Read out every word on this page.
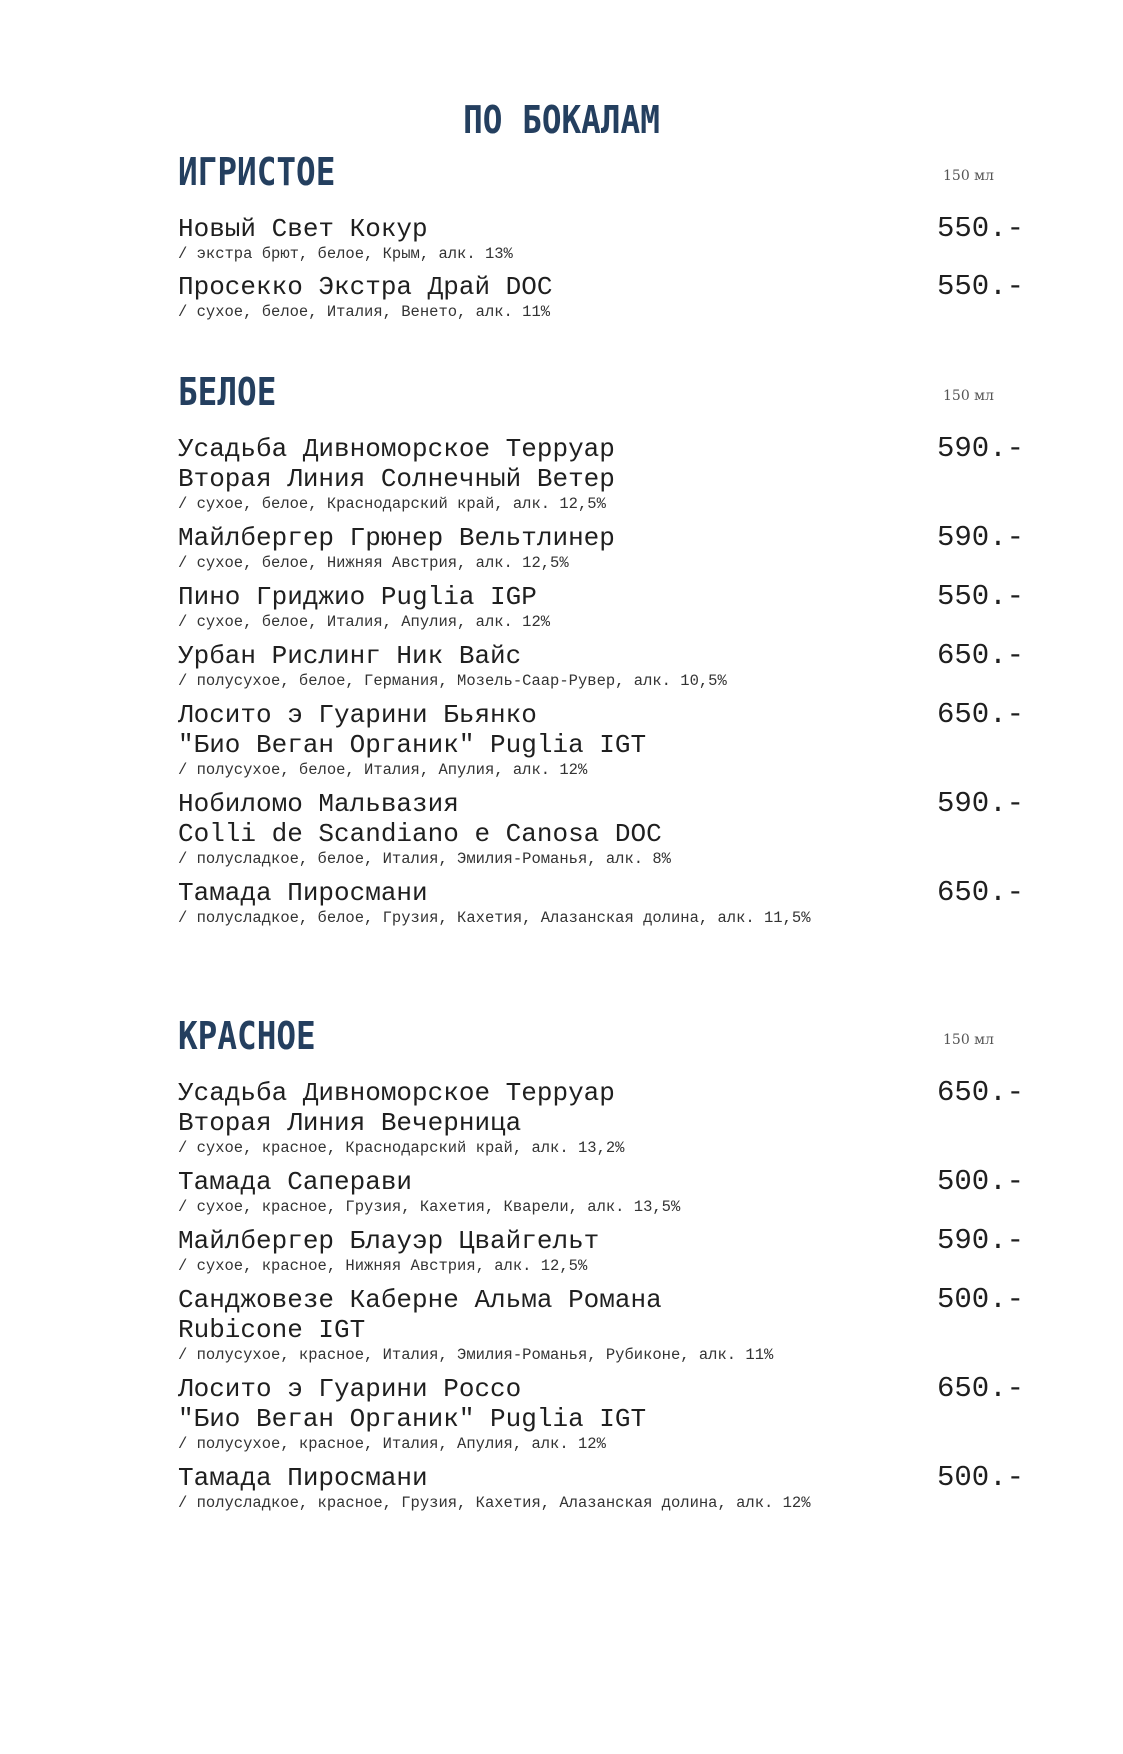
ПО БОКАЛАМ
ИГРИСТОЕ	150 мл
Новый Свет Кокур
/ экстра брют, белое, Крым, алк. 13%
550.-
Просекко Экстра Драй DOC
/ сухое, белое, Италия, Венето, алк. 11%
550.-
БЕЛОЕ	150 мл
Усадьба Дивноморское Терруар
Вторая Линия Солнечный Ветер
/ сухое, белое, Краснодарский край, алк. 12,5%
590.-
Майлбергер Грюнер Вельтлинер
/ сухое, белое, Нижняя Австрия, алк. 12,5%
590.-
Пино Гриджио Puglia IGP
/ сухое, белое, Италия, Апулия, алк. 12%
550.-
Урбан Рислинг Ник Вайс
/ полусухое, белое, Германия, Мозель-Саар-Рувер, алк. 10,5%
650.-
Лосито э Гуарини Бьянко
"Био Веган Органик" Puglia IGT
/ полусухое, белое, Италия, Апулия, алк. 12%
650.-
Нобиломо Мальвазия
Colli de Scandiano e Canosa DOC
/ полусладкое, белое, Италия, Эмилия-Романья, алк. 8%
590.-
Тамада Пиросмани
/ полусладкое, белое, Грузия, Кахетия, Алазанская долина, алк. 11,5%
650.-
КРАСНОЕ	150 мл
Усадьба Дивноморское Терруар
Вторая Линия Вечерница
/ сухое, красное, Краснодарский край, алк. 13,2%
650.-
Тамада Саперави
/ сухое, красное, Грузия, Кахетия, Кварели, алк. 13,5%
500.-
Майлбергер Блауэр Цвайгельт
/ сухое, красное, Нижняя Австрия, алк. 12,5%
590.-
Санджовезе Каберне Альма Романа
Rubicone IGT
/ полусухое, красное, Италия, Эмилия-Романья, Рубиконе, алк. 11%
500.-
Лосито э Гуарини Россо
"Био Веган Органик" Puglia IGT
/ полусухое, красное, Италия, Апулия, алк. 12%
650.-
Тамада Пиросмани
/ полусладкое, красное, Грузия, Кахетия, Алазанская долина, алк. 12%
500.-
